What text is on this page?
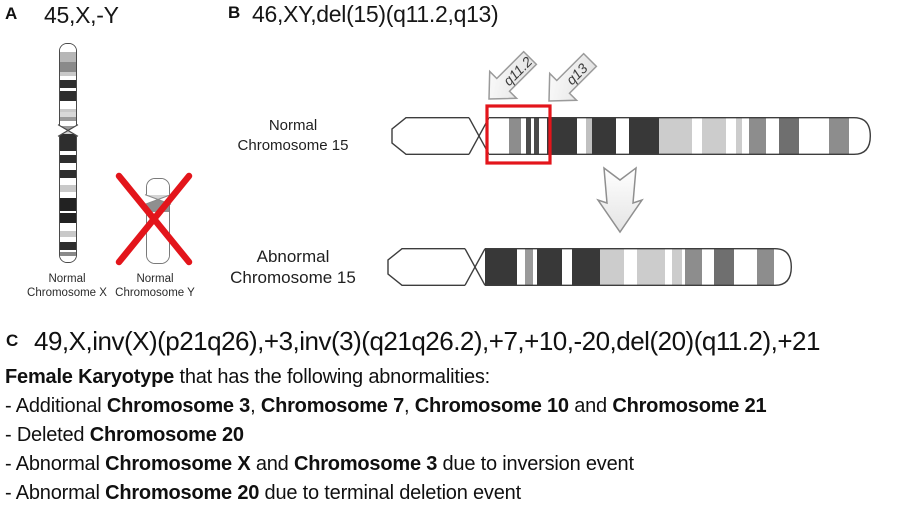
A 45,X,-Y
Normal
Chromosome X
Normal
Chromosome Y
B 46,XY,del(15)(q11.2,q13)
q11.2 q13
Normal
Chromosome 15
Abnormal
Chromosome 15
C 49,X,inv(X)(p21q26),+3,inv(3)(q21q26.2),+7,+10,-20,del(20)(q11.2),+21
Female Karyotype that has the following abnormalities:
- Additional Chromosome 3, Chromosome 7, Chromosome 10 and Chromosome 21
- Deleted Chromosome 20
- Abnormal Chromosome X and Chromosome 3 due to inversion event
- Abnormal Chromosome 20 due to terminal deletion event
